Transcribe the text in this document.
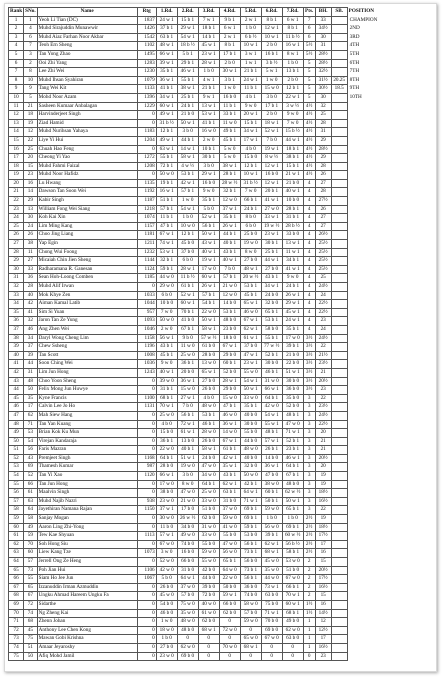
Rank	SNo.	Name	Rtg	1.Rd.	2.Rd.	3.Rd.	4.Rd.	5.Rd.	6.Rd.	7.Rd.	Pts.	BH.	SB.	POSITION
1	1	Yeoh Li Tian (DC)	1837	24 w 1	15 b 1	7 w 1	9 b 1	2 w 1	8 b 1	6 w 1	7	33		CHAMPION
2	4	Muhd Sirajuddin Munawwir	1426	37 b 1	29 w 1	18 b 1	6 w 1	1 b 0	12 w 1	8 b 1	6	34½		2ND
3	6	Muhd Aiaz Farhan Noor Akbar	1542	63 b 1	54 w 1	14 b 1	2 w 1	6 b ½	10 w 1	11 b ½	6	30		3RD
4	7	Teoh Ern Sheng	1102	48 w 1	18 b ½	45 w 1	8 b 1	10 w 1	2 b 0	16 w 1	5½	31		4TH
5	3	Tan Yong Zhao	1495	66 w 1	5 b 1	23 w 1	17 b 1	3 w 1	16 b 1	8 w 1	5½	28½		5TH
6	2	Ooi Zhi Yang	1283	39 w 1	29 b 1	28 w 1	2 b 0	1 w 1	3 b ½	1 b 0	5	28½		6TH
7	8	Lee Zhi Wei	1230	35 b 1	46 w 1	1 b 0	30 w 1	21 b 1	5 w 1	13 b 1	5	32½		7TH
8	10	Muhd Ihsan Syahiran	1079	36 w 1	55 b 1	4 w 1	3 b 1	24 w 1	1 w 0	2 b 0	5	31½	20.25	8TH
9	9	Tang Wei Kit	1133	41 b 1	38 w 1	21 b 1	1 w 0	11 b 1	15 w 0	12 b 1	5	30½	18.5	9TH
10	5	Mohd Noor Azam	1396	34 w 1	25 b 1	9 w 1	16 b 0	4 b 1	3 b 0	22 w 1	5	30		10TH
11	21	Sasheen Kumaar Anbalagan	1229	60 w 1	24 b 1	13 w 1	11 b 1	9 w 0	17 b 1	3 w ½	4½	32		
12	18	Harvinderjeet Singh	0	49 w 1	21 b 0	53 w 1	33 b 1	20 w 1	2 b 0	9 w 0	4½	25		
13	19	Ziad Hamid	0	31 b ½	50 w 1	41 b 1	11 w 0	15 b 1	18 w 1	7 w 0	4½	28		
14	12	Muhd Nurihsan Yahaya	1183	12 b 1	3 b 0	16 w 0	49 b 1	34 w 1	52 w 1	15 b ½	4½	31		
15	22	Liye Yi Hui	1204	49 w 1	44 b 1	2 w 0	45 b 1	17 w 1	7 b 0	44 w 1	4½	29		
16	25	Chuah Hao Feng	0	63 w 1	14 w 1	10 b 1	5 w 0	4 b 0	19 w 1	18 b 1	4½	28½		
17	20	Cheong Yi Yao	1272	55 b 1	58 w 1	30 b 1	5 w 0	15 b 0	8 w ½	38 b 1	4½	29		
18	15	Muhd Fahmi Faizal	1208	72 b 1	4 w ½	3 b 0	38 w 1	12 b 1	12 w 1	15 b 1	4½	28		
19	23	Muhd Noor Hafidz	0	50 w 0	53 b 1	29 w 1	28 b 1	10 w 1	16 b 0	21 w 1	4½	26		
20	16	Lu Hwang	1135	19 b 1	42 w 1	16 b 0	28 w ½	31 b ½	12 w 1	21 b 0	4	27		
21	14	Dawson Tan Soon Wei	1192	16 w 1	57 b 1	9 w 0	32 b 1	7 w 0	20 b 1	40 w 1	4	28		
22	29	Kabir Singh	1187	51 b 1	1 w 0	35 b 1	12 w 0	66 b 1	41 w 1	10 b 0	4	27½		
23	13	William Fong Wei Siang	1218	57 b 1	54 w 1	5 b 0	37 w 1	24 b 1	27 w 0	28 b 1	4	26		
24	30	Koh Kai Xin	1074	11 b 1	1 b 0	52 w 1	35 b 1	8 b 0	33 w 1	31 b 1	4	27		
25	24	Lim Ming Kang	1157	47 b 1	10 w 0	56 b 1	26 w 1	6 b 0	19 w ½	28 b ½	4	27		
26	26	Choo Jing Liang	1181	67 w 1	12 b 1	50 w 1	44 b 1	25 b 0	23 w 1	33 b 0	4	26½		
27	38	Yap Egin	1211	74 w 1	45 b 0	43 w 1	40 b 1	19 w 0	30 b 1	13 w 1	4	25½		
28	11	Chong Wui Foong	1232	53 w 1	37 b 0	40 w 1	43 b 1	8 w 0	25 b 1	11 w 1	4	25½		
29	27	Micaiah Chin Jien Sheng	1144	32 b 1	6 b 0	19 w 1	40 w 1	27 b 0	44 w 1	34 b 1	4	25½		
30	33	Radharamana R. Ganesan	1124	59 b 1	28 w 1	17 w 0	7 b 0	48 w 1	27 b 0	41 w 1	4	25½		
31	36	Sean Hoh-Loong Comben	1185	44 w 0	11 b ½	60 w 1	57 b 1	20 w ½	43 b 1	9 w 0	4	25		
32	28	Muhd Alif Irwan	0	29 w 0	61 b 1	26 w 1	21 w 0	53 b 1	34 w 1	24 b 1	4	24½		
33	40	Mok Khye Zen	1033	6 b 0	52 w 1	57 b 1	12 w 0	45 b 1	24 b 0	26 w 1	4	24		
34	42	Aiman Kamal Latib	1044	10 b 0	60 w 1	54 b 1	14 b 0	65 w 1	32 b 0	29 w 1	4	22½		
35	41	Sim Si Yuan	957	7 w 0	70 b 1	22 w 0	53 b 1	46 w 0	65 b 1	45 w 1	4	22½		
36	32	Jaron Tan Ze Yung	1093	50 w 0	41 b 0	50 w 1	48 b 0	67 w 1	53 b 1	24 w 1	4	23		
37	46	Ang Zhen Wei	1046	2 w 0	67 b 1	58 w 1	23 b 0	62 w 1	58 b 0	35 b 1	4	24		
38	34	Daryl Wong Cheng Lim	1158	56 w 1	9 b 0	57 w ½	18 b 0	61 w 1	55 b 1	17 w 0	3½	24½		
39	37	Chew Ssheng	1196	43 b 1	11 w 0	61 b 0	67 w 1	37 b 0	77 w ½	39 b 1	3½	22		
40	39	Tan Scott	1008	45 b 1	25 w 0	28 b 0	29 b 0	47 w 1	52 b 1	21 b 0	3½	21½		
41	44	Soon Ching Wei	1036	9 w 0	36 b 1	13 w 0	60 b 1	23 w 1	30 b 0	22 b 0	3½	23½		
42	31	Lim Jun Hong	1243	40 w 1	20 b 0	65 w 1	52 b 0	55 w 0	46 b 1	51 w 1	3½	21		
43	48	Choo Yoon Sheng	0	39 w 0	36 w 1	27 b 0	28 w 1	54 w 1	31 w 0	30 b 0	3½	20½		
44	50	Felix Mong Jun Huwye	0	31 b 1	15 w 0	26 b 0	29 b 0	50 w 1	66 w 1	36 b 0	3½	23		
45	35	Kyne Francis	1100	68 b 1	27 w 1	4 b 0	15 w 0	33 w 0	64 b 1	35 b 0	3	22		
46	17	Calvin Lee Jo Ho	1131	70 w 1	7 b 0	48 w 0	47 b 1	35 b 1	42 w 0	52 b 0	3	23½		
47	62	Mah Siew Hang	0	25 w 0	56 b 1	53 b 1	46 w 0	40 b 0	54 w 1	48 b 1	3	24½		
48	71	Tan Yan Kuang	0	4 b 0	72 w 1	46 b 1	36 w 1	30 b 0	55 w 1	47 w 0	3	22½		
49	53	Brian Kok Ku Mun	0	15 b 0	61 w 1	28 w 0	14 w 0	55 b 0	48 b 1	71 w 1	3	20		
50	54	Virejan Kandaraja	0	36 b 1	13 b 0	26 b 0	67 w 1	44 b 0	57 w 1	52 b 1	3	21		
51	56	Faris Mazran	0	22 w 0	40 b 1	58 w 1	61 b 1	48 w 0	26 b 1	23 b 1	3	21		
52	43	Premjeet Singh	1168	64 b 1	51 w 1	24 b 0	42 w 1	40 b 0	14 b 0	46 w 1	3	20½		
53	69	Thamesh Kumar	987	28 b 0	19 w 0	47 w 0	35 w 1	32 b 0	36 w 1	64 b 1	3	20		
54	52	Tan Yi Xao	1120	66 w 1	3 b 0	34 w 0	43 b 1	50 w 0	47 b 0	67 b 1	3	19		
55	66	Tan Jun Hong	0	17 w 0	8 w 0	64 b 1	62 w 1	42 b 1	38 w 0	48 b 0	3	19		
56	61	Maalvin Singh	0	38 b 0	47 w 0	25 w 0	63 b 1	64 w 1	60 b 1	62 w ½	3	18½		
57	63	Muhd Najib Nazri	938	23 w 0	21 w 0	33 w 0	31 b 0	71 w 1	50 b 1	50 w 1	3	16½		
58	64	Jayethiran Namana Rajan	1150	37 w 1	17 b 0	51 b 0	37 w 0	69 b 1	59 w 0	65 b 1	3	22		
59	58	Sanjay Mogan	0	30 w 0	26 w ½	62 b 0	59 w 0	69 b 1	1 b 0	1 b 0	2½	19		
60	49	Aaron Ling Zhi-Yong	0	11 b 0	34 b 0	31 w 0	41 w 0	59 b 1	56 w 0	69 b 1	2½	18½		
61	59	Tew Kae Shyuan	1113	57 w 1	49 w 0	33 w 0	55 b 0	53 b 0	39 b 1	60 w ½	2½	17½		
62	70	Soh Hong Siu	0	67 w 0	74 b 0	55 b 0	47 w 0	56 b 1	62 w 1	56 b ½	2½	17		
63	60	Liew Kang Tze	1073	3 w 0	16 b 0	59 w 0	56 w 0	73 b 1	68 w 1	58 b 1	2½	16		
64	57	Jerrell Ong Ze Heng	0	52 w 0	66 b 0	55 w 0	65 b 1	56 b 0	45 w 0	53 w 0	2	15		
65	73	Poh Jian Hui	1106	42 w 0	31 b 0	42 b 0	64 w 0	73 b 1	35 w 0	51 b 0	2	20½		
66	55	Siam Ho Jee Jun	1067	5 b 0	64 w 1	44 b 0	22 w 0	56 b 1	44 w 0	67 w 0	2	17½		
67	65	Izzanuddin Irman Azmuddin	0	26 b 0	37 w 0	39 b 0	50 b 0	36 b 0	73 w 1	66 b 1	2	16½		
68	67	Ungku Ahmad Hareem Ungku Fa	0	45 w 0	57 b 0	72 b 0	59 w 1	74 b 0	63 b 0	70 w 1	2	15		
69	72	Sidarthe	0	54 b 0	75 w 0	40 w 0	66 b 0	58 w 0	75 b 0	60 w 1	1½	16		
70	74	Ng Zheng Kai	0	46 b 0	35 w 0	61 w 0	62 b 0	57 b 0	71 w 1	68 b 1	1½	14½		
71	68	Zhenn Johan	0	1 w 0	48 w 0	62 b 0	0	59 w 0	70 b 0	49 b 0	1	12		
72	45	Anthony Lee Chen Kong	0	18 w 0	48 b 0	68 w 1	72 w 0	0	69 b 0	62 w 0	1	12½		
73	75	Mawan Gobi Krishna	0	1 b 0	0	0	0	65 w 0	67 w 0	63 b 0	1	17		
74	51	Amaar Jeyaroshy	0	27 b 0	62 w 0	0	70 w 0	68 w 1	0	0	1	16½		
75	50	Afiq Mohd Jamil	0	23 w 0	69 b 0	0	0	0	0	0	0	23		
